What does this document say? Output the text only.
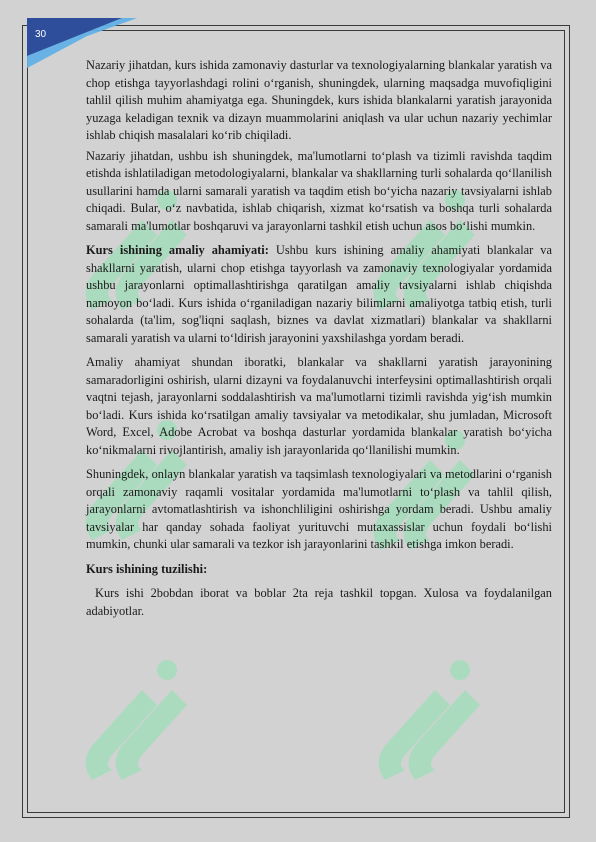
30

Nazariy jihatdan, kurs ishida zamonaviy dasturlar va texnologiyalarning blankalar yaratish va chop etishga tayyorlashdagi rolini o‘rganish, shuningdek, ularning maqsadga muvofiqligini tahlil qilish muhim ahamiyatga ega. Shuningdek, kurs ishida blankalarni yaratish jarayonida yuzaga keladigan texnik va dizayn muammolarini aniqlash va ular uchun nazariy yechimlar ishlab chiqish masalalari ko‘rib chiqiladi.

Nazariy jihatdan, ushbu ish shuningdek, ma'lumotlarni to‘plash va tizimli ravishda taqdim etishda ishlatiladigan metodologiyalarni, blankalar va shakllarning turli sohalarda qo‘llanilish usullarini hamda ularni samarali yaratish va taqdim etish bo‘yicha nazariy tavsiyalarni ishlab chiqadi. Bular, o‘z navbatida, ishlab chiqarish, xizmat ko‘rsatish va boshqa turli sohalarda samarali ma'lumotlar boshqaruvi va jarayonlarni tashkil etish uchun asos bo‘lishi mumkin.

Kurs ishining amaliy ahamiyati: Ushbu kurs ishining amaliy ahamiyati blankalar va shakllarni yaratish, ularni chop etishga tayyorlash va zamonaviy texnologiyalar yordamida ushbu jarayonlarni optimallashtirishga qaratilgan amaliy tavsiyalarni ishlab chiqishda namoyon bo‘ladi. Kurs ishida o‘rganiladigan nazariy bilimlarni amaliyotga tatbiq etish, turli sohalarda (ta'lim, sog'liqni saqlash, biznes va davlat xizmatlari) blankalar va shakllarni samarali yaratish va ularni to‘ldirish jarayonini yaxshilashga yordam beradi.

Amaliy ahamiyat shundan iboratki, blankalar va shakllarni yaratish jarayonining samaradorligini oshirish, ularni dizayni va foydalanuvchi interfeysini optimallashtirish orqali vaqtni tejash, jarayonlarni soddalashtirish va ma'lumotlarni tizimli ravishda yig‘ish mumkin bo‘ladi. Kurs ishida ko‘rsatilgan amaliy tavsiyalar va metodikalar, shu jumladan, Microsoft Word, Excel, Adobe Acrobat va boshqa dasturlar yordamida blankalar yaratish bo‘yicha ko‘nikmalarni rivojlantirish, amaliy ish jarayonlarida qo‘llanilishi mumkin.

Shuningdek, onlayn blankalar yaratish va taqsimlash texnologiyalari va metodlarini o‘rganish orqali zamonaviy raqamli vositalar yordamida ma'lumotlarni to‘plash va tahlil qilish, jarayonlarni avtomatlashtirish va ishonchliligini oshirishga yordam beradi. Ushbu amaliy tavsiyalar har qanday sohada faoliyat yurituvchi mutaxassislar uchun foydali bo‘lishi mumkin, chunki ular samarali va tezkor ish jarayonlarini tashkil etishga imkon beradi.

Kurs ishining tuzilishi:

Kurs ishi 2bobdan iborat va boblar 2ta reja tashkil topgan. Xulosa va foydalanilgan adabiyotlar.
